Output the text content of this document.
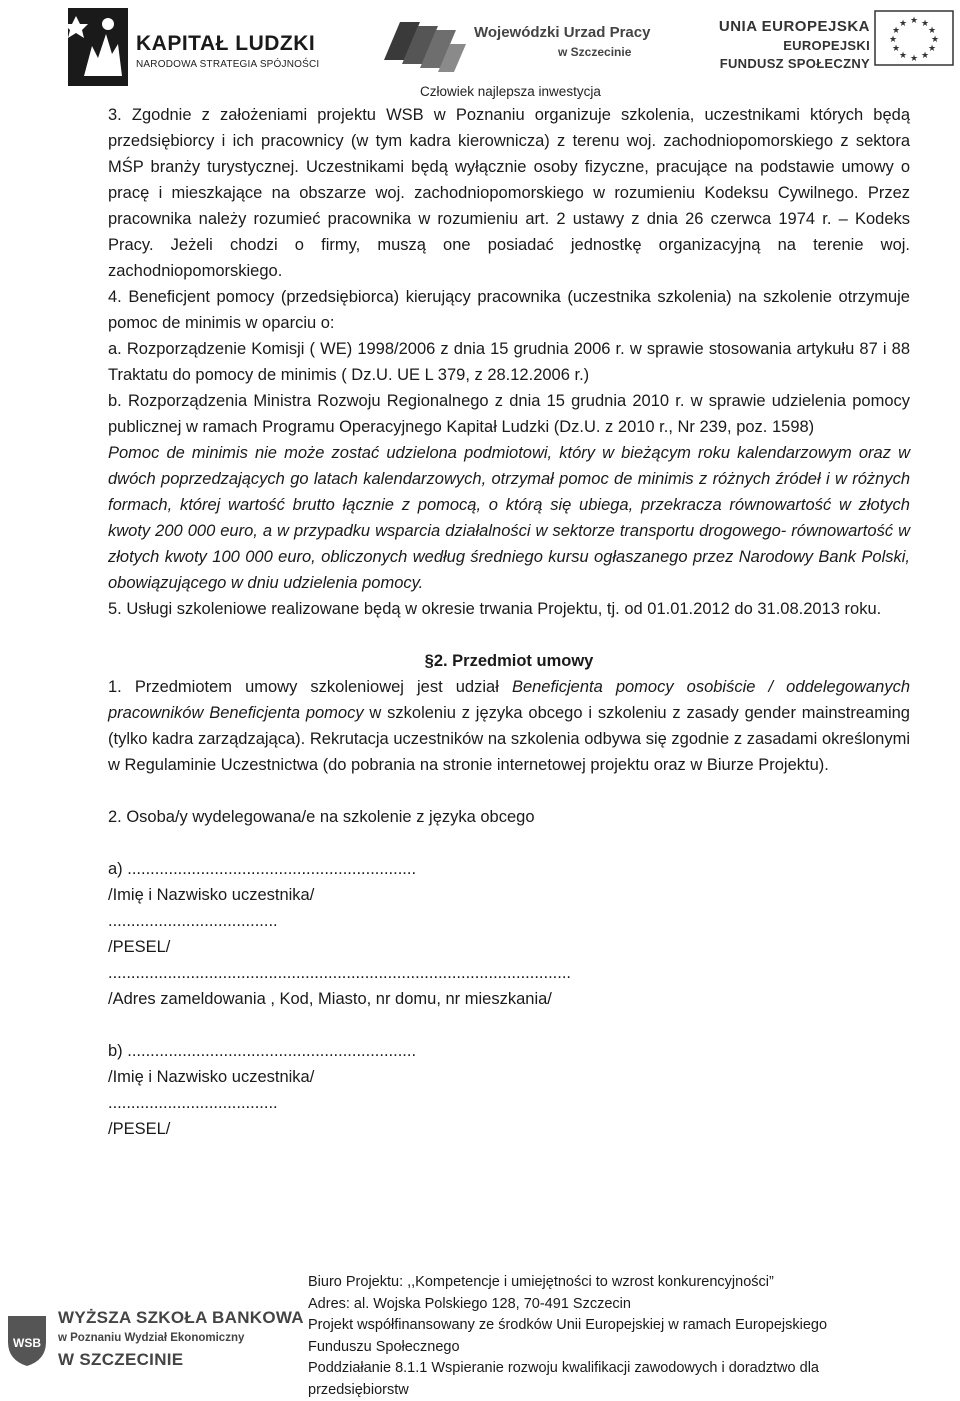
KAPITAŁ LUDZKI
NARODOWA STRATEGIA SPÓJNOŚCI
Wojewódzki Urzad Pracy
w Szczecinie
UNIA EUROPEJSKA
EUROPEJSKI
FUNDUSZ SPOŁECZNY
★ ★
★
★
★
★
★
★
★
★
★
★
Człowiek najlepsza inwestycja

3. Zgodnie z założeniami projektu WSB w Poznaniu organizuje szkolenia, uczestnikami których będą przedsiębiorcy i ich pracownicy (w tym kadra kierownicza) z terenu woj. zachodniopomorskiego z sektora MŚP branży turystycznej. Uczestnikami będą wyłącznie osoby fizyczne, pracujące na podstawie umowy o pracę i mieszkające na obszarze woj. zachodniopomorskiego w rozumieniu Kodeksu Cywilnego. Przez pracownika należy rozumieć pracownika w rozumieniu art. 2 ustawy z dnia 26 czerwca 1974 r. – Kodeks Pracy. Jeżeli chodzi o firmy, muszą one posiadać jednostkę organizacyjną na terenie woj. zachodniopomorskiego.

4. Beneficjent pomocy (przedsiębiorca) kierujący pracownika (uczestnika szkolenia) na szkolenie otrzymuje pomoc de minimis w oparciu o:

a. Rozporządzenie Komisji ( WE) 1998/2006 z dnia 15 grudnia 2006 r. w sprawie stosowania artykułu 87 i 88 Traktatu do pomocy de minimis ( Dz.U. UE L 379, z 28.12.2006 r.)

b. Rozporządzenia Ministra Rozwoju Regionalnego z dnia 15 grudnia 2010 r. w sprawie udzielenia pomocy publicznej w ramach Programu Operacyjnego Kapitał Ludzki (Dz.U. z 2010 r., Nr 239, poz. 1598)

Pomoc de minimis nie może zostać udzielona podmiotowi, który w bieżącym roku kalendarzowym oraz w dwóch poprzedzających go latach kalendarzowych, otrzymał pomoc de minimis z różnych źródeł i w różnych formach, której wartość brutto łącznie z pomocą, o którą się ubiega, przekracza równowartość w złotych kwoty 200 000 euro, a w przypadku wsparcia działalności w sektorze transportu drogowego- równowartość w złotych kwoty 100 000 euro, obliczonych według średniego kursu ogłaszanego przez Narodowy Bank Polski, obowiązującego w dniu udzielenia pomocy.

5. Usługi szkoleniowe realizowane będą w okresie trwania Projektu, tj. od 01.01.2012 do 31.08.2013 roku.

§2. Przedmiot umowy

1. Przedmiotem umowy szkoleniowej jest udział Beneficjenta pomocy osobiście / oddelegowanych pracowników Beneficjenta pomocy w szkoleniu z języka obcego i szkoleniu z zasady gender mainstreaming (tylko kadra zarządzająca). Rekrutacja uczestników na szkolenia odbywa się zgodnie z zasadami określonymi w Regulaminie Uczestnictwa (do pobrania na stronie internetowej projektu oraz w Biurze Projektu).

2. Osoba/y wydelegowana/e na szkolenie z języka obcego

a) ...............................................................

/Imię i Nazwisko uczestnika/

.....................................

/PESEL/

.....................................................................................................

/Adres zameldowania , Kod, Miasto, nr domu, nr mieszkania/

b) ...............................................................

/Imię i Nazwisko uczestnika/

.....................................

/PESEL/

WSB
WYŻSZA SZKOŁA BANKOWA
w Poznaniu Wydział Ekonomiczny
W SZCZECINIE
Biuro Projektu: ,,Kompetencje i umiejętności to wzrost konkurencyjności”
Adres: al. Wojska Polskiego 128, 70-491 Szczecin
Projekt współfinansowany ze środków Unii Europejskiej w ramach Europejskiego
Funduszu Społecznego
Poddziałanie 8.1.1 Wspieranie rozwoju kwalifikacji zawodowych i doradztwo dla
przedsiębiorstw
